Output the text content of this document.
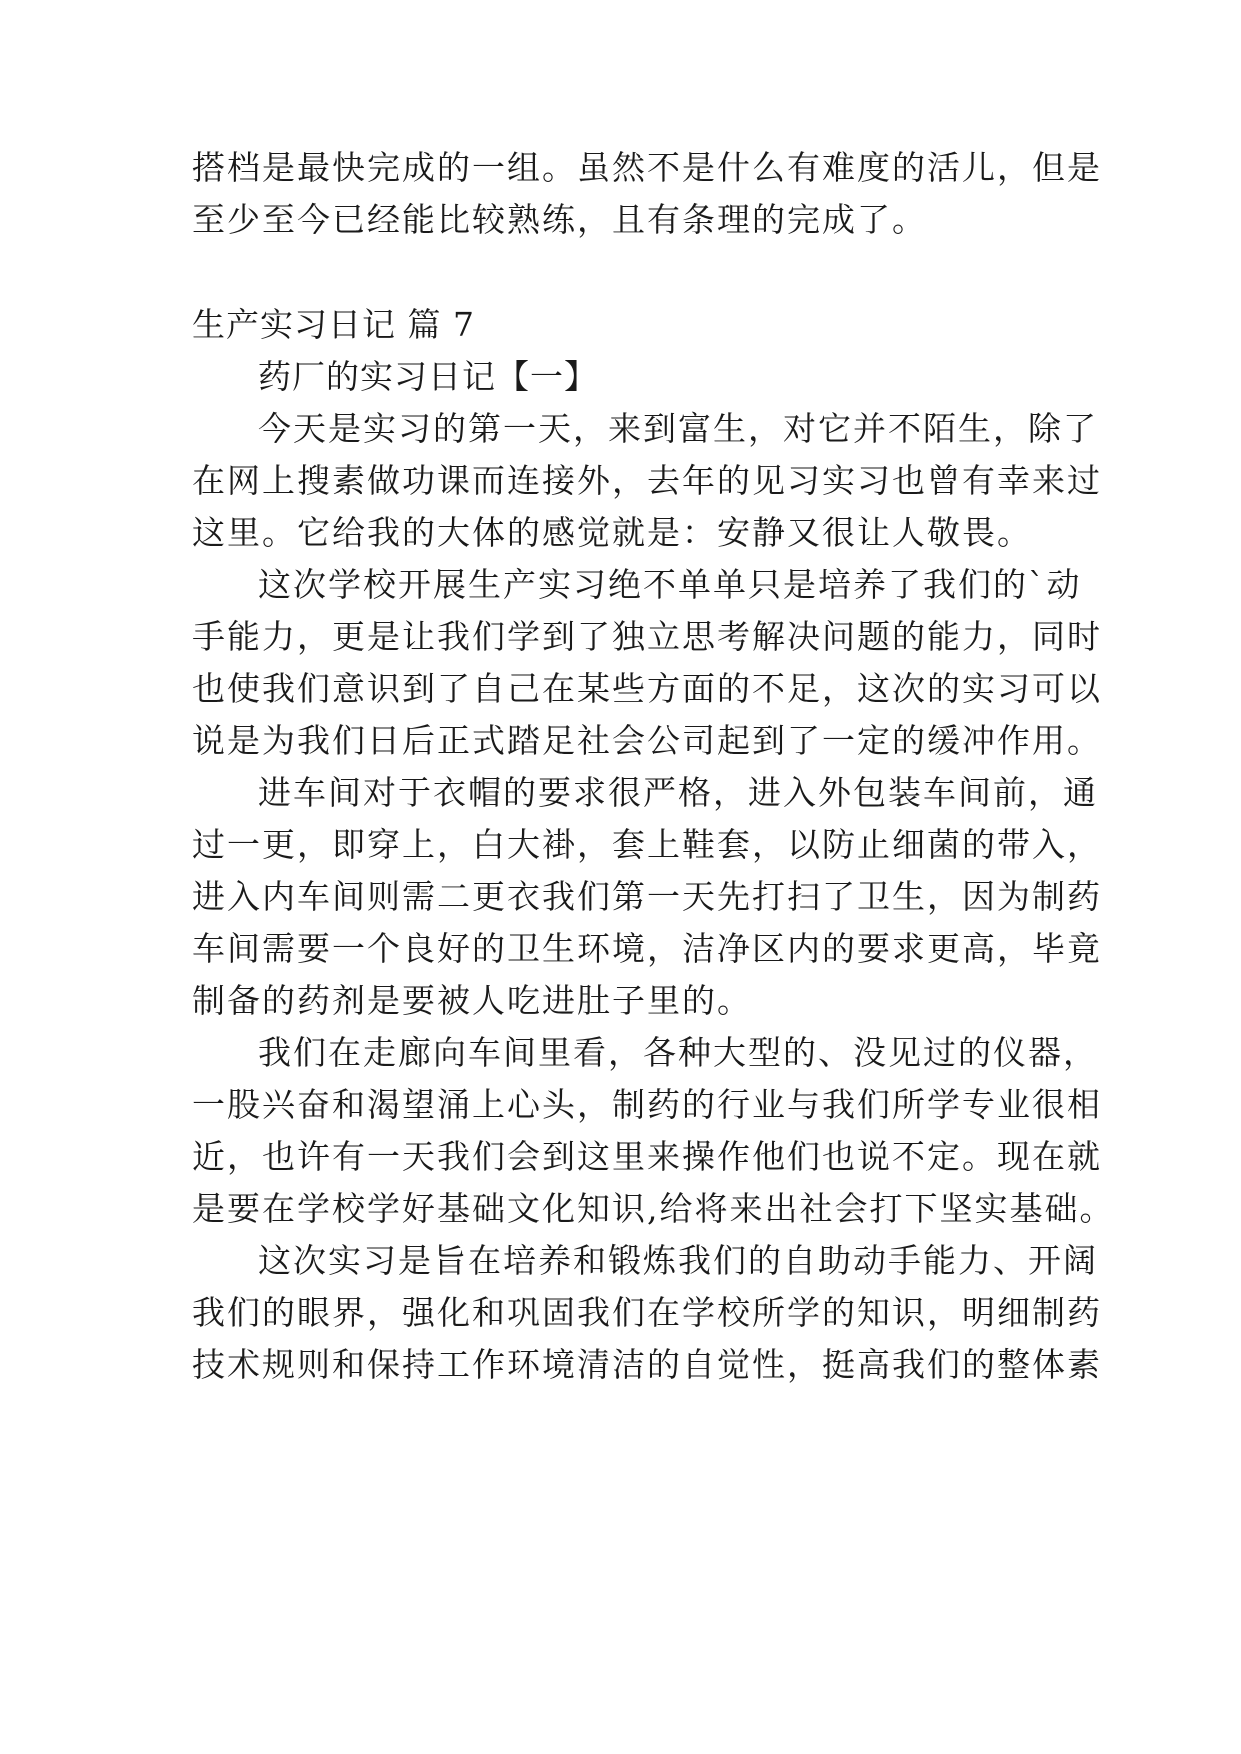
搭档是最快完成的一组。虽然不是什么有难度的活儿，但是
至少至今已经能比较熟练，且有条理的完成了。
生产实习日记 篇 7
药厂的实习日记【一】
今天是实习的第一天，来到富生，对它并不陌生，除了
在网上搜素做功课而连接外，去年的见习实习也曾有幸来过
这里。它给我的大体的感觉就是：安静又很让人敬畏。
这次学校开展生产实习绝不单单只是培养了我们的`动
手能力，更是让我们学到了独立思考解决问题的能力，同时
也使我们意识到了自己在某些方面的不足，这次的实习可以
说是为我们日后正式踏足社会公司起到了一定的缓冲作用。
进车间对于衣帽的要求很严格，进入外包装车间前，通
过一更，即穿上，白大褂，套上鞋套，以防止细菌的带入，
进入内车间则需二更衣我们第一天先打扫了卫生，因为制药
车间需要一个良好的卫生环境，洁净区内的要求更高，毕竟
制备的药剂是要被人吃进肚子里的。
我们在走廊向车间里看，各种大型的、没见过的仪器，
一股兴奋和渴望涌上心头，制药的行业与我们所学专业很相
近，也许有一天我们会到这里来操作他们也说不定。现在就
是要在学校学好基础文化知识,给将来出社会打下坚实基础。
这次实习是旨在培养和锻炼我们的自助动手能力、开阔
我们的眼界，强化和巩固我们在学校所学的知识，明细制药
技术规则和保持工作环境清洁的自觉性，挺高我们的整体素
